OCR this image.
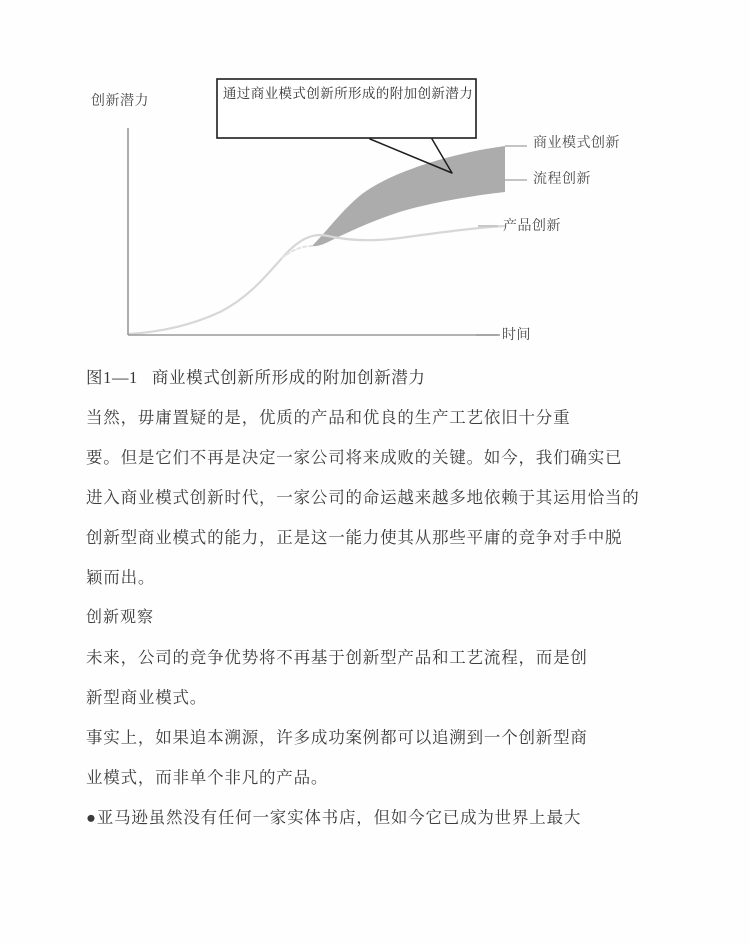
创新潜力
时间
商业模式创新
流程创新
产品创新
通过商业模式创新所形成的附加创新潜力
图1—1 商业模式创新所形成的附加创新潜力
当然，毋庸置疑的是，优质的产品和优良的生产工艺依旧十分重
要。但是它们不再是决定一家公司将来成败的关键。如今，我们确实已
进入商业模式创新时代，一家公司的命运越来越多地依赖于其运用恰当的
创新型商业模式的能力，正是这一能力使其从那些平庸的竞争对手中脱
颖而出。
创新观察
未来，公司的竞争优势将不再基于创新型产品和工艺流程，而是创
新型商业模式。
事实上，如果追本溯源，许多成功案例都可以追溯到一个创新型商
业模式，而非单个非凡的产品。
●亚马逊虽然没有任何一家实体书店，但如今它已成为世界上最大
